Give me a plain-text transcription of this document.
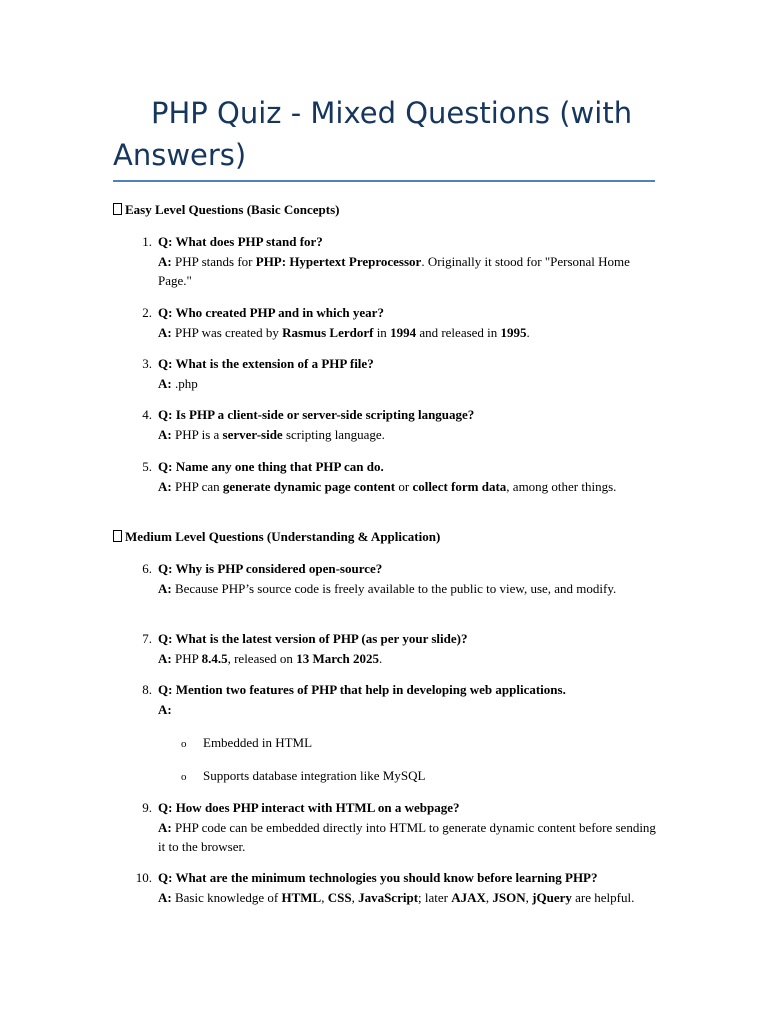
PHP Quiz - Mixed Questions (with Answers)
Easy Level Questions (Basic Concepts)
1. Q: What does PHP stand for?
A: PHP stands for PHP: Hypertext Preprocessor. Originally it stood for "Personal Home Page."
2. Q: Who created PHP and in which year?
A: PHP was created by Rasmus Lerdorf in 1994 and released in 1995.
3. Q: What is the extension of a PHP file?
A: .php
4. Q: Is PHP a client-side or server-side scripting language?
A: PHP is a server-side scripting language.
5. Q: Name any one thing that PHP can do.
A: PHP can generate dynamic page content or collect form data, among other things.
Medium Level Questions (Understanding & Application)
6. Q: Why is PHP considered open-source?
A: Because PHP’s source code is freely available to the public to view, use, and modify.
7. Q: What is the latest version of PHP (as per your slide)?
A: PHP 8.4.5, released on 13 March 2025.
8. Q: Mention two features of PHP that help in developing web applications.
A:
o Embedded in HTML
o Supports database integration like MySQL
9. Q: How does PHP interact with HTML on a webpage?
A: PHP code can be embedded directly into HTML to generate dynamic content before sending it to the browser.
10. Q: What are the minimum technologies you should know before learning PHP?
A: Basic knowledge of HTML, CSS, JavaScript; later AJAX, JSON, jQuery are helpful.
